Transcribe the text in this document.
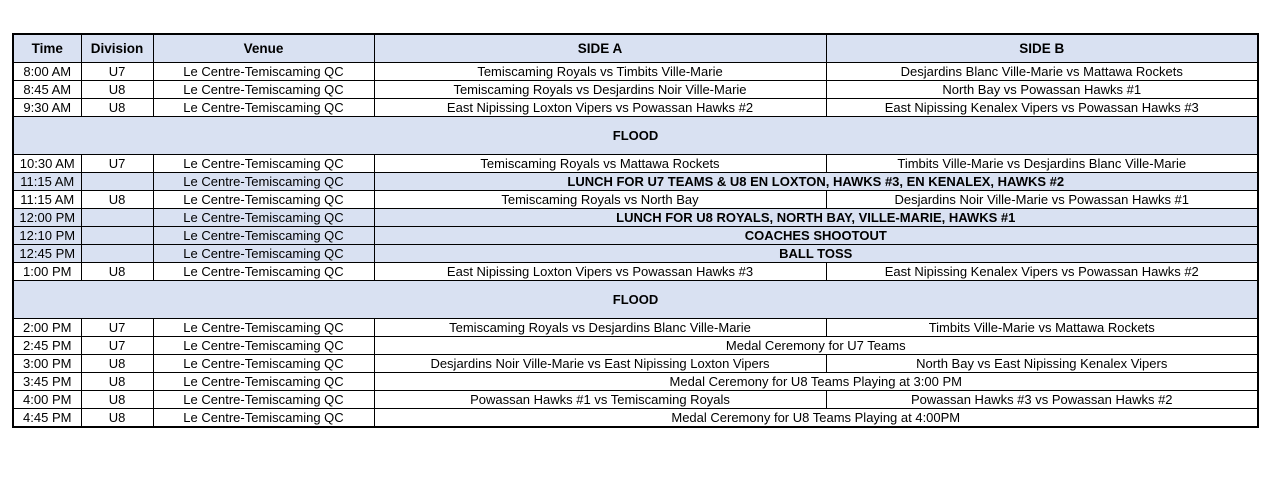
Time	Division	Venue	SIDE A	SIDE B
8:00 AM	U7	Le Centre-Temiscaming QC	Temiscaming Royals vs Timbits Ville-Marie	Desjardins Blanc Ville-Marie vs Mattawa Rockets
8:45 AM	U8	Le Centre-Temiscaming QC	Temiscaming Royals vs Desjardins Noir Ville-Marie	North Bay vs Powassan Hawks #1
9:30 AM	U8	Le Centre-Temiscaming QC	East Nipissing Loxton Vipers vs Powassan Hawks #2	East Nipissing Kenalex Vipers vs Powassan Hawks #3
FLOOD				
10:30 AM	U7	Le Centre-Temiscaming QC	Temiscaming Royals vs Mattawa Rockets	Timbits Ville-Marie vs Desjardins Blanc Ville-Marie
11:15 AM		Le Centre-Temiscaming QC	LUNCH FOR U7 TEAMS & U8 EN LOXTON, HAWKS #3, EN KENALEX, HAWKS #2	
11:15 AM	U8	Le Centre-Temiscaming QC	Temiscaming Royals vs North Bay	Desjardins Noir Ville-Marie vs Powassan Hawks #1
12:00 PM		Le Centre-Temiscaming QC	LUNCH FOR U8 ROYALS, NORTH BAY, VILLE-MARIE, HAWKS #1	
12:10 PM		Le Centre-Temiscaming QC	COACHES SHOOTOUT	
12:45 PM		Le Centre-Temiscaming QC	BALL TOSS	
1:00 PM	U8	Le Centre-Temiscaming QC	East Nipissing Loxton Vipers vs Powassan Hawks #3	East Nipissing Kenalex Vipers vs Powassan Hawks #2
FLOOD				
2:00 PM	U7	Le Centre-Temiscaming QC	Temiscaming Royals vs Desjardins Blanc Ville-Marie	Timbits Ville-Marie vs Mattawa Rockets
2:45 PM	U7	Le Centre-Temiscaming QC	Medal Ceremony for U7 Teams	
3:00 PM	U8	Le Centre-Temiscaming QC	Desjardins Noir Ville-Marie vs East Nipissing Loxton Vipers	North Bay vs East Nipissing Kenalex Vipers
3:45 PM	U8	Le Centre-Temiscaming QC	Medal Ceremony for U8 Teams Playing at 3:00 PM	
4:00 PM	U8	Le Centre-Temiscaming QC	Powassan Hawks #1 vs Temiscaming Royals	Powassan Hawks #3 vs Powassan Hawks #2
4:45 PM	U8	Le Centre-Temiscaming QC	Medal Ceremony for U8 Teams Playing at 4:00PM	
